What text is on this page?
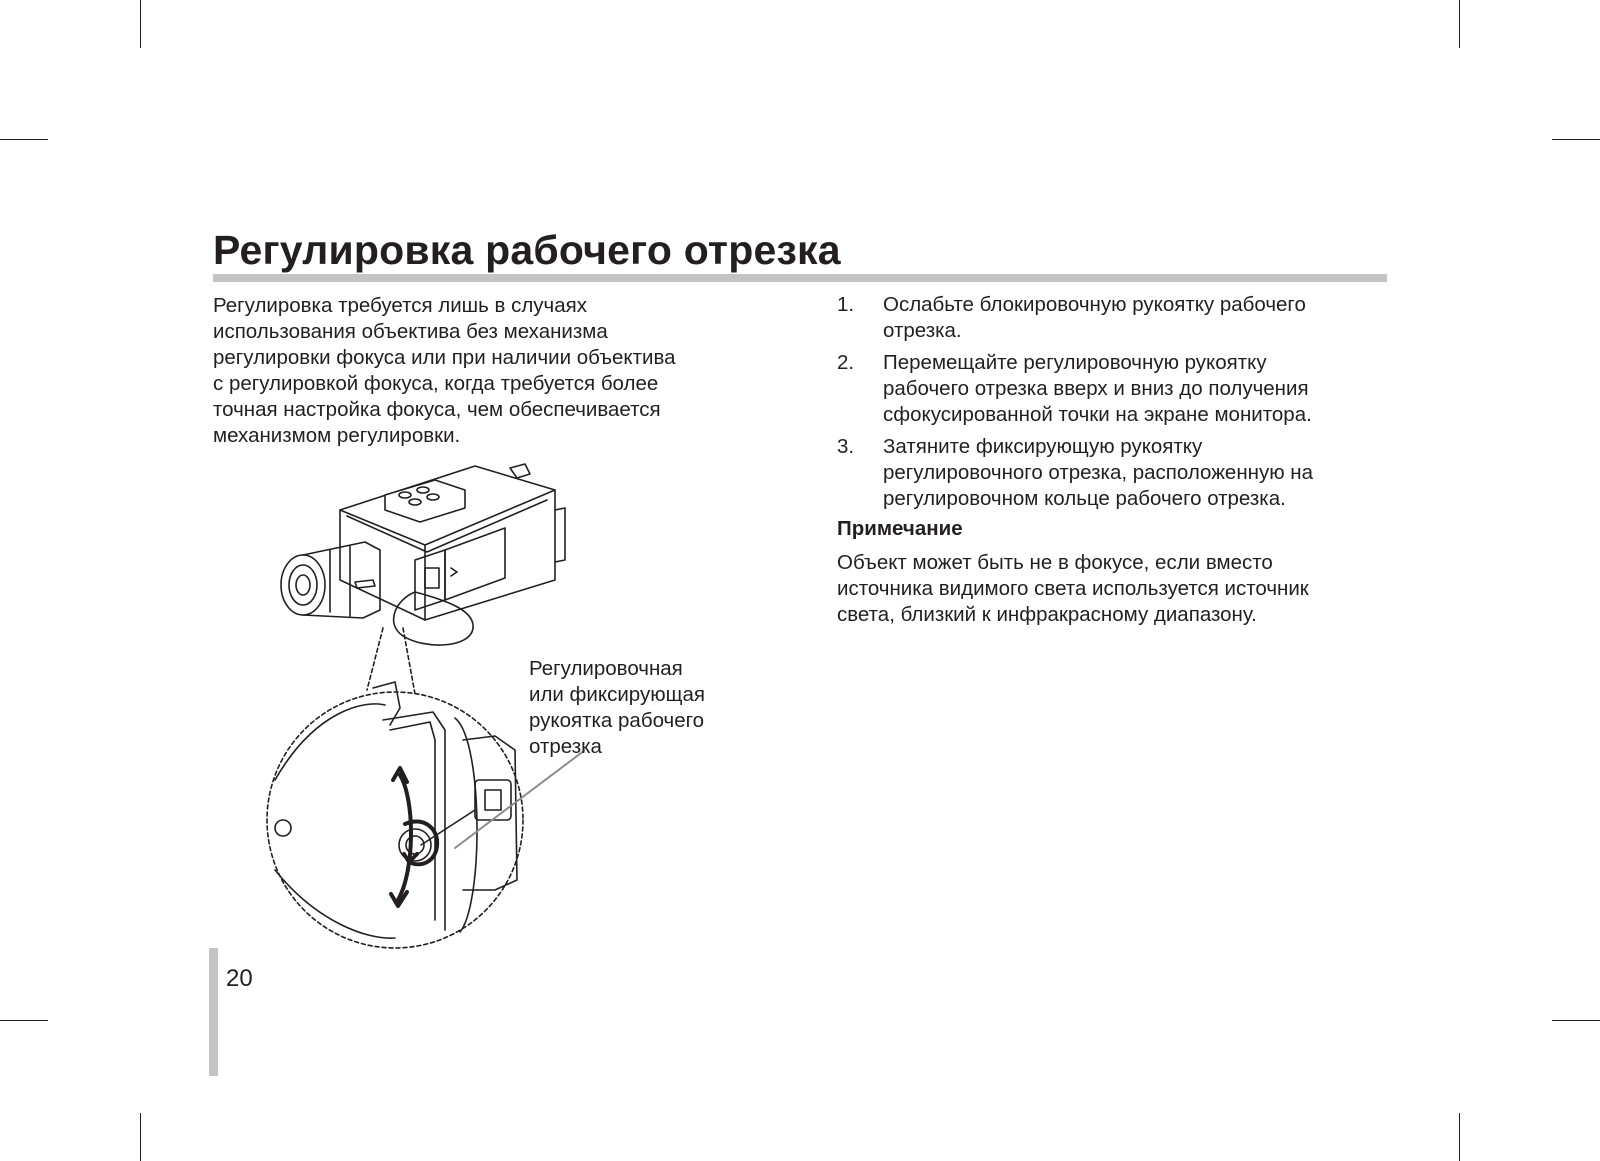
Регулировка рабочего отрезка

Регулировка требуется лишь в случаях
использования объектива без механизма
регулировки фокуса или при наличии объектива
с регулировкой фокуса, когда требуется более
точная настройка фокуса, чем обеспечивается
механизмом регулировки.

Регулировочная
или фиксирующая
рукоятка рабочего
отрезка

1. Ослабьте блокировочную рукоятку рабочего
отрезка.
2. Перемещайте регулировочную рукоятку
рабочего отрезка вверх и вниз до получения
сфокусированной точки на экране монитора.
3. Затяните фиксирующую рукоятку
регулировочного отрезка, расположенную на
регулировочном кольце рабочего отрезка.

Примечание

Объект может быть не в фокусе, если вместо
источника видимого света используется источник
света, близкий к инфракрасному диапазону.

20
